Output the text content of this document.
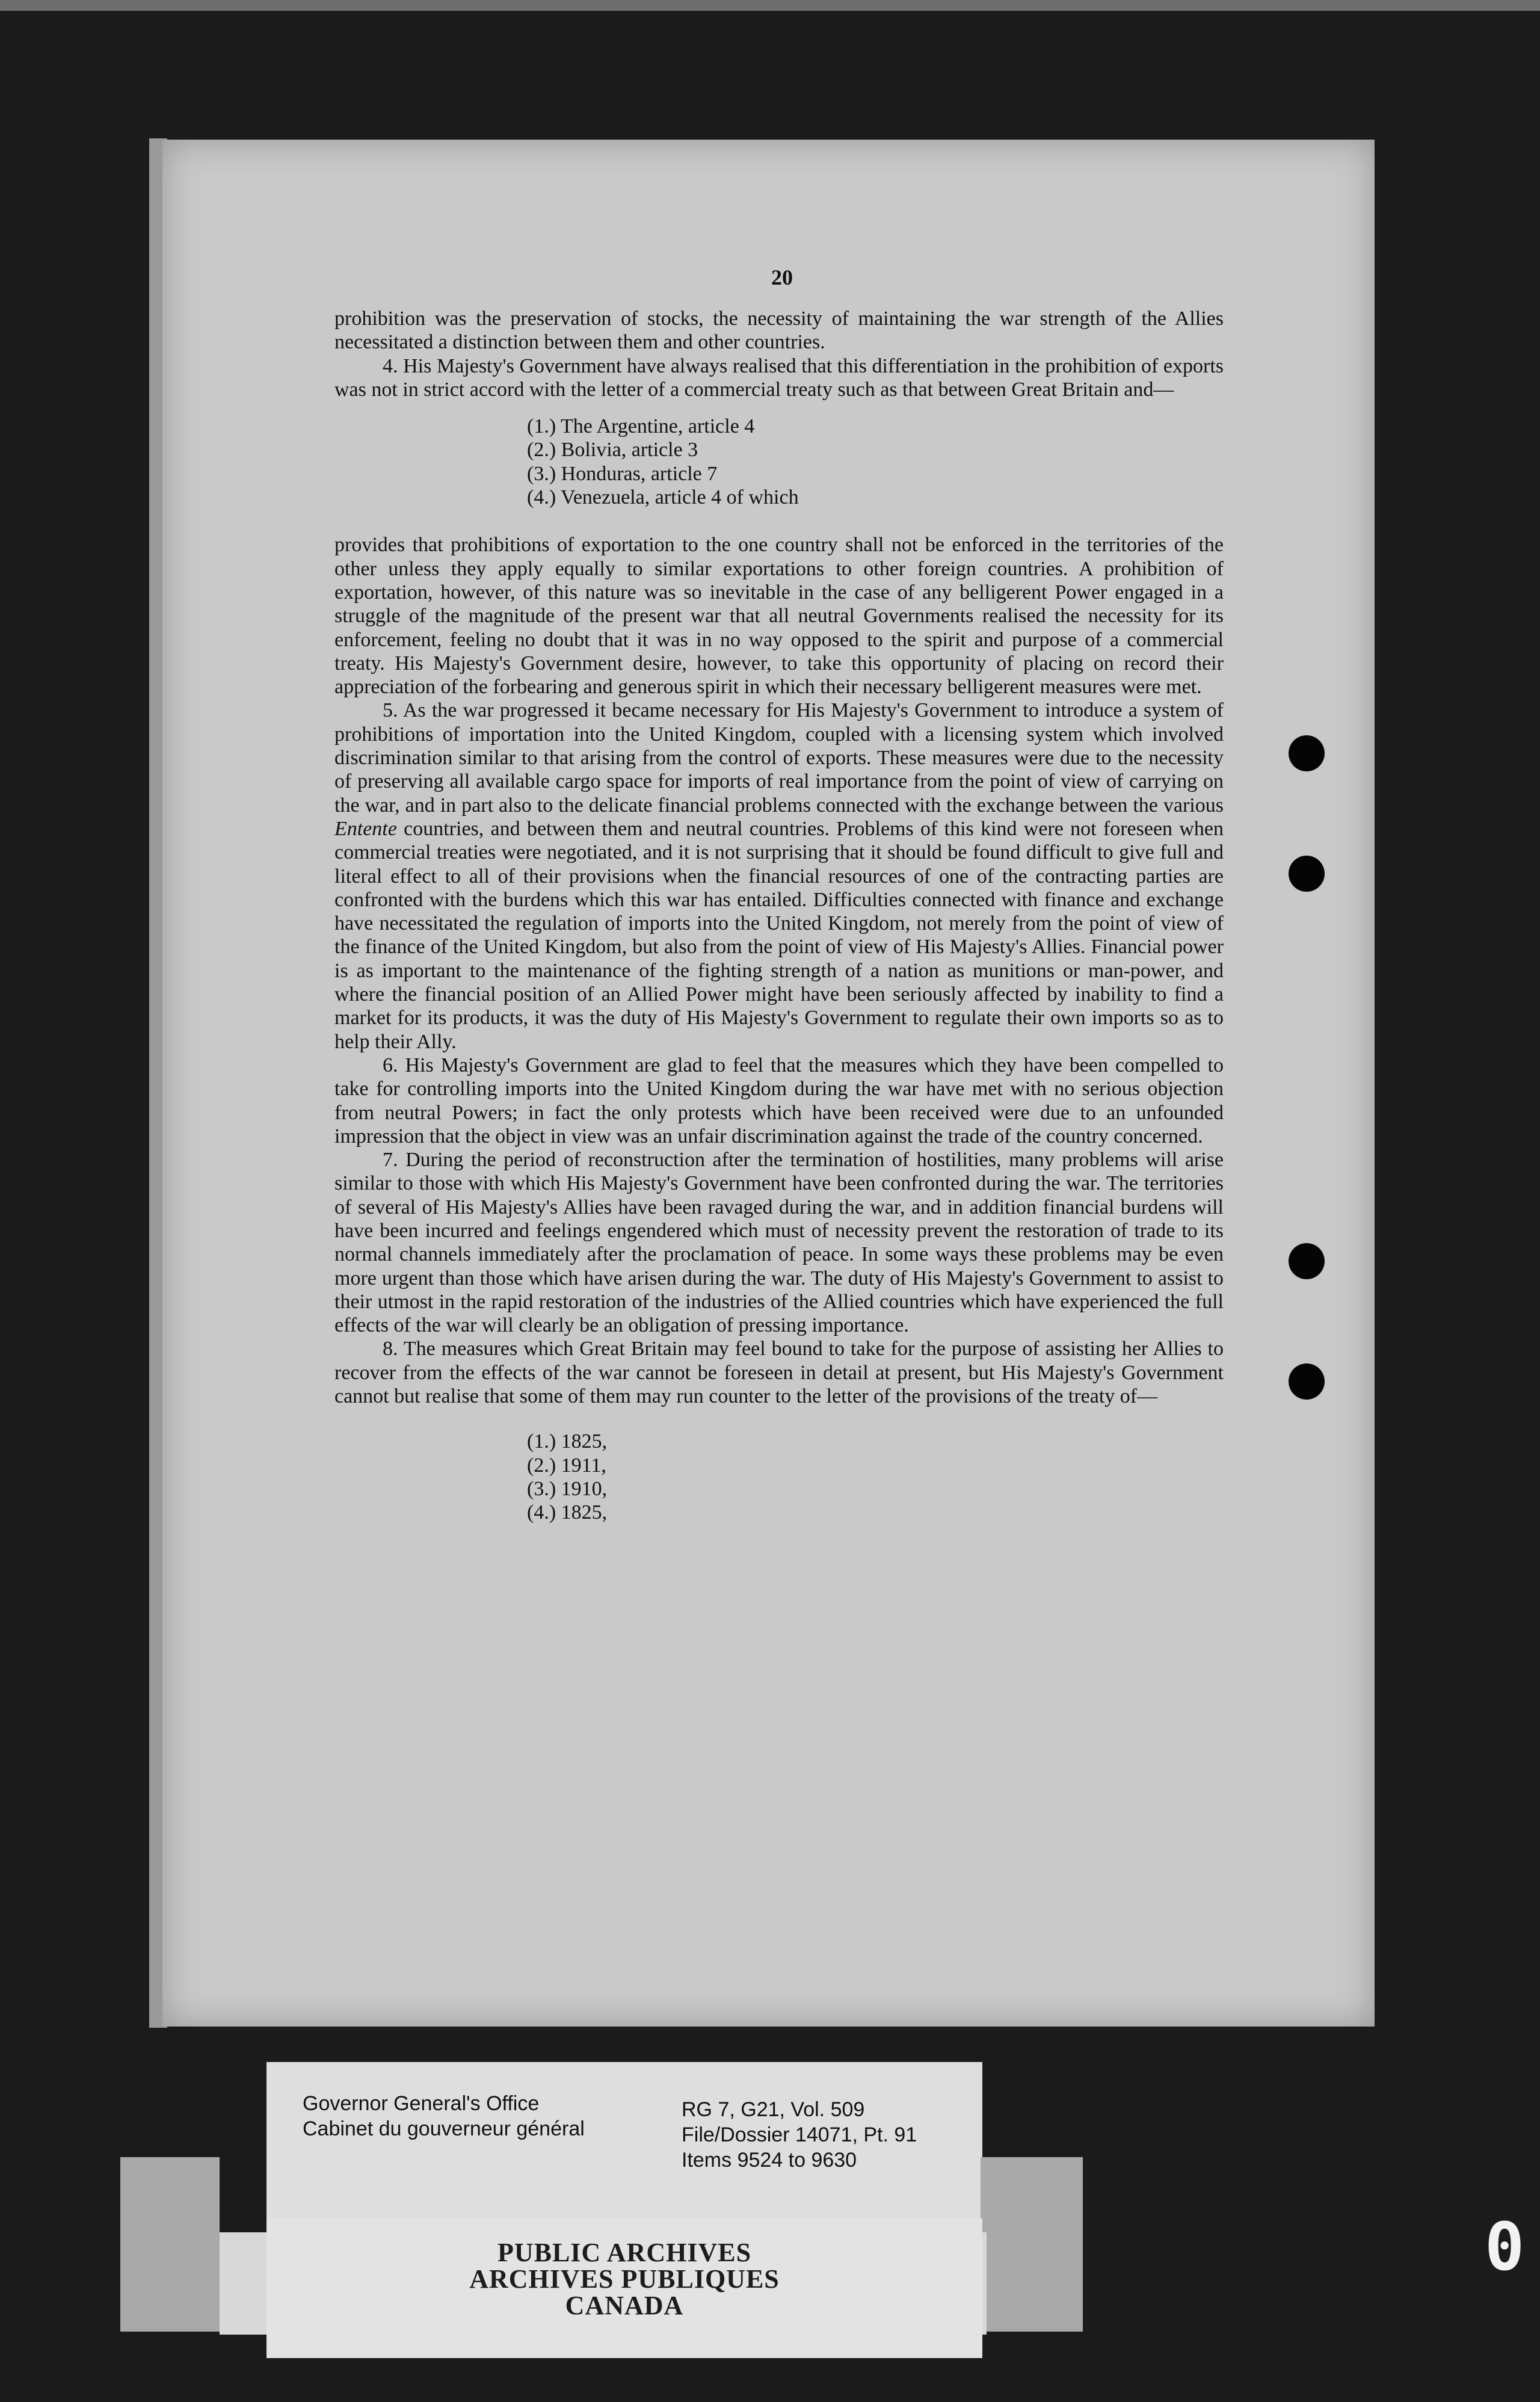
20

prohibition was the preservation of stocks, the necessity of maintaining the war strength of the Allies necessitated a distinction between them and other countries.

4. His Majesty's Government have always realised that this differentiation in the prohibition of exports was not in strict accord with the letter of a commercial treaty such as that between Great Britain and—

(1.) The Argentine, article 4
(2.) Bolivia, article 3
(3.) Honduras, article 7
(4.) Venezuela, article 4 of which

provides that prohibitions of exportation to the one country shall not be enforced in the territories of the other unless they apply equally to similar exportations to other foreign countries. A prohibition of exportation, however, of this nature was so inevitable in the case of any belligerent Power engaged in a struggle of the magnitude of the present war that all neutral Governments realised the necessity for its enforcement, feeling no doubt that it was in no way opposed to the spirit and purpose of a commercial treaty. His Majesty's Government desire, however, to take this opportunity of placing on record their appreciation of the forbearing and generous spirit in which their necessary belligerent measures were met.

5. As the war progressed it became necessary for His Majesty's Government to introduce a system of prohibitions of importation into the United Kingdom, coupled with a licensing system which involved discrimination similar to that arising from the control of exports. These measures were due to the necessity of preserving all available cargo space for imports of real importance from the point of view of carrying on the war, and in part also to the delicate financial problems connected with the exchange between the various Entente countries, and between them and neutral countries. Problems of this kind were not foreseen when commercial treaties were negotiated, and it is not surprising that it should be found difficult to give full and literal effect to all of their provisions when the financial resources of one of the contracting parties are confronted with the burdens which this war has entailed. Difficulties connected with finance and exchange have necessitated the regulation of imports into the United Kingdom, not merely from the point of view of the finance of the United Kingdom, but also from the point of view of His Majesty's Allies. Financial power is as important to the maintenance of the fighting strength of a nation as munitions or man-power, and where the financial position of an Allied Power might have been seriously affected by inability to find a market for its products, it was the duty of His Majesty's Government to regulate their own imports so as to help their Ally.

6. His Majesty's Government are glad to feel that the measures which they have been compelled to take for controlling imports into the United Kingdom during the war have met with no serious objection from neutral Powers; in fact the only protests which have been received were due to an unfounded impression that the object in view was an unfair discrimination against the trade of the country concerned.

7. During the period of reconstruction after the termination of hostilities, many problems will arise similar to those with which His Majesty's Government have been confronted during the war. The territories of several of His Majesty's Allies have been ravaged during the war, and in addition financial burdens will have been incurred and feelings engendered which must of necessity prevent the restoration of trade to its normal channels immediately after the proclamation of peace. In some ways these problems may be even more urgent than those which have arisen during the war. The duty of His Majesty's Government to assist to their utmost in the rapid restoration of the industries of the Allied countries which have experienced the full effects of the war will clearly be an obligation of pressing importance.

8. The measures which Great Britain may feel bound to take for the purpose of assisting her Allies to recover from the effects of the war cannot be foreseen in detail at present, but His Majesty's Government cannot but realise that some of them may run counter to the letter of the provisions of the treaty of—

(1.) 1825,
(2.) 1911,
(3.) 1910,
(4.) 1825,
Governor General's Office
Cabinet du gouverneur général
RG 7, G21, Vol. 509
File/Dossier 14071, Pt. 91
Items 9524 to 9630
PUBLIC ARCHIVES
ARCHIVES PUBLIQUES
CANADA
0
